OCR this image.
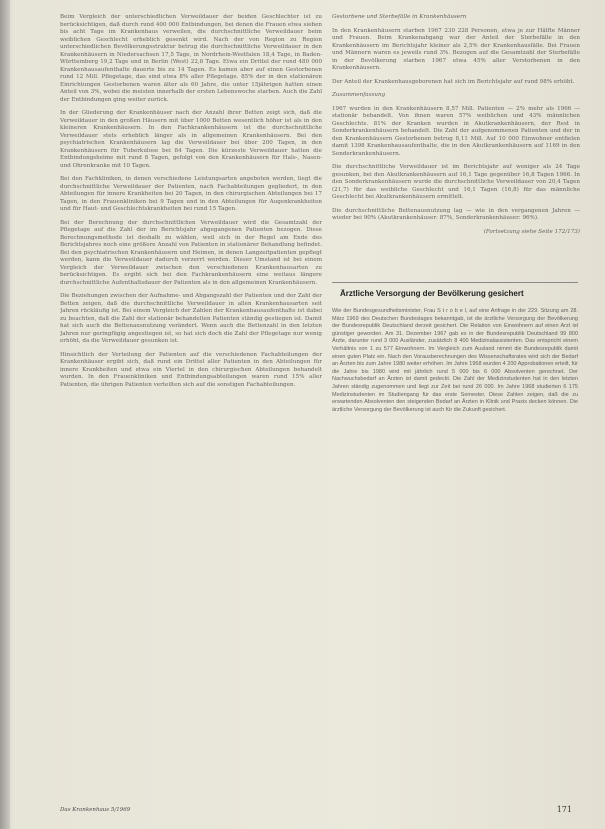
Beim Vergleich der unterschiedlichen Verweildauer der beiden Geschlechter ist zu berücksichtigen, daß durch rund 400 000 Entbindungen, bei denen die Frauen etwa sieben bis acht Tage im Krankenhaus verweilen, die durchschnittliche Verweildauer beim weiblichen Geschlecht erheblich gesenkt wird. Nach der von Region zu Region unterschiedlichen Bevölkerungsstruktur betrug die durchschnittliche Verweildauer in den Krankenhäusern in Niedersachsen 17,5 Tage, in Nordrhein-Westfalen 18,4 Tage, in Baden-Württemberg 19,2 Tage und in Berlin (West) 22,8 Tage. Etwa ein Drittel der rund 480 000 Krankenhausaufenthalte dauerte bis zu 14 Tagen. Es kamen aber auf einen Gestorbenen rund 12 Mill. Pflegetage, das sind etwa 8% aller Pflegetage. 85% der in den stationären Einrichtungen Gestorbenen waren älter als 60 Jahre, die unter 15jährigen hatten einen Anteil von 3%, wobei die meisten innerhalb der ersten Lebenswoche starben. Auch die Zahl der Entbindungen ging weiter zurück.

In der Gliederung der Krankenhäuser nach der Anzahl ihrer Betten zeigt sich, daß die Verweildauer in den großen Häusern mit über 1000 Betten wesentlich höher ist als in den kleineren Krankenhäusern. In den Fachkrankenhäusern ist die durchschnittliche Verweildauer stets erheblich länger als in allgemeinen Krankenhäusern. Bei den psychiatrischen Krankenhäusern lag die Verweildauer bei über 200 Tagen, in den Krankenhäusern für Tuberkulose bei 84 Tagen. Die kürzeste Verweildauer hatten die Entbindungsheime mit rund 8 Tagen, gefolgt von den Krankenhäusern für Hals-, Nasen- und Ohrenkranke mit 10 Tagen.

Bei den Fachkliniken, in denen verschiedene Leistungsarten angeboten werden, liegt die durchschnittliche Verweildauer der Patienten, nach Fachabteilungen gegliedert, in den Abteilungen für innere Krankheiten bei 20 Tagen, in den chirurgischen Abteilungen bei 17 Tagen, in den Frauenkliniken bei 9 Tagen und in den Abteilungen für Augenkrankheiten und für Haut- und Geschlechtskrankheiten bei rund 15 Tagen.

Bei der Berechnung der durchschnittlichen Verweildauer wird die Gesamtzahl der Pflegetage auf die Zahl der im Berichtsjahr abgegangenen Patienten bezogen. Diese Berechnungsmethode ist deshalb zu wählen, weil sich in der Regel am Ende des Berichtsjahres noch eine größere Anzahl von Patienten in stationärer Behandlung befindet. Bei den psychiatrischen Krankenhäusern und Heimen, in denen Langzeitpatienten gepflegt werden, kann die Verweildauer dadurch verzerrt werden. Dieser Umstand ist bei einem Vergleich der Verweildauer zwischen den verschiedenen Krankenhausarten zu berücksichtigen. Es ergibt sich bei den Fachkrankenhäusern eine weitaus längere durchschnittliche Aufenthaltsdauer der Patienten als in den allgemeinen Krankenhäusern.

Die Beziehungen zwischen der Aufnahme- und Abgangszahl der Patienten und der Zahl der Betten zeigen, daß die durchschnittliche Verweildauer in allen Krankenhausarten seit Jahren rückläufig ist. Bei einem Vergleich der Zahlen der Krankenhausaufenthalte ist dabei zu beachten, daß die Zahl der stationär behandelten Patienten ständig gestiegen ist. Damit hat sich auch die Bettenausnutzung verändert. Wenn auch die Bettenzahl in den letzten Jahren nur geringfügig angestiegen ist, so hat sich doch die Zahl der Pflegetage nur wenig erhöht, da die Verweildauer gesunken ist.

Hinsichtlich der Verteilung der Patienten auf die verschiedenen Fachabteilungen der Krankenhäuser ergibt sich, daß rund ein Drittel aller Patienten in den Abteilungen für innere Krankheiten und etwa ein Viertel in den chirurgischen Abteilungen behandelt wurden. In den Frauenkliniken und Entbindungsabteilungen waren rund 15% aller Patienten, die übrigen Patienten verteilten sich auf die sonstigen Fachabteilungen.

Gestorbene und Sterbefälle in Krankenhäusern

In den Krankenhäusern starben 1967 230 228 Personen, etwa je zur Hälfte Männer und Frauen. Beim Krankenabgang war der Anteil der Sterbefälle in den Krankenhäusern im Berichtsjahr kleiner als 2,5% der Krankenhausfälle. Bei Frauen und Männern waren es jeweils rund 3%. Bezogen auf die Gesamtzahl der Sterbefälle in der Bevölkerung starben 1967 etwa 45% aller Verstorbenen in den Krankenhäusern.

Der Anteil der Krankenhausgeborenen hat sich im Berichtsjahr auf rund 98% erhöht.

Zusammenfassung

1967 wurden in den Krankenhäusern 8,57 Mill. Patienten — 2% mehr als 1966 — stationär behandelt. Von ihnen waren 57% weiblichen und 43% männlichen Geschlechts. 81% der Kranken wurden in Akutkrankenhäusern, der Rest in Sonderkrankenhäusern behandelt. Die Zahl der aufgenommenen Patienten und der in den Krankenhäusern Gestorbenen betrug 8,11 Mill. Auf 10 000 Einwohner entfielen damit 1398 Krankenhausaufenthalte, die in den Akutkrankenhäusern auf 1169 in den Sonderkrankenhäusern.

Die durchschnittliche Verweildauer ist im Berichtsjahr auf weniger als 24 Tage gesunken, bei den Akutkrankenhäusern auf 16,1 Tage gegenüber 16,8 Tagen 1966. In den Sonderkrankenhäusern wurde die durchschnittliche Verweildauer von 20,4 Tagen (21,7) für das weibliche Geschlecht und 16,1 Tagen (16,8) für das männliche Geschlecht bei Akutkrankenhäusern ermittelt.

Die durchschnittliche Bettenausnutzung lag — wie in den vergangenen Jahren — wieder bei 90% (Akutkrankenhäuser: 87%, Sonderkrankenhäuser: 96%).

(Fortsetzung siehe Seite 172/173)

Ärztliche Versorgung der Bevölkerung gesichert
Wie der Bundesgesundheitsminister, Frau S t r o b e l, auf eine Anfrage in der 229. Sitzung am 28. März 1969 des Deutschen Bundestages bekanntgab, ist die ärztliche Versorgung der Bevölkerung der Bundesrepublik Deutschland derzeit gesichert. Die Relation von Einwohnern auf einen Arzt ist günstiger geworden. Am 31. Dezember 1967 gab es in der Bundesrepublik Deutschland 99 800 Ärzte, darunter rund 3 000 Ausländer, zusätzlich 8 400 Medizinalassistenten. Das entspricht einem Verhältnis von 1 zu 577 Einwohnern. Im Vergleich zum Ausland nimmt die Bundesrepublik damit einen guten Platz ein. Nach den Vorausberechnungen des Wissenschaftsrates wird sich der Bedarf an Ärzten bis zum Jahre 1980 weiter erhöhen. Im Jahre 1968 wurden 4 200 Approbationen erteilt, für die Jahre bis 1980 wird mit jährlich rund 5 000 bis 6 000 Absolventen gerechnet. Der Nachwuchsbedarf an Ärzten ist damit gedeckt. Die Zahl der Medizinstudenten hat in den letzten Jahren ständig zugenommen und liegt zur Zeit bei rund 26 000. Im Jahre 1968 studierten 6 175 Medizinstudenten im Studiengang für das erste Semester. Diese Zahlen zeigen, daß die zu erwartenden Absolventen den steigenden Bedarf an Ärzten in Klinik und Praxis decken können. Die ärztliche Versorgung der Bevölkerung ist auch für die Zukunft gesichert.
Das Krankenhaus 5/1969	171
